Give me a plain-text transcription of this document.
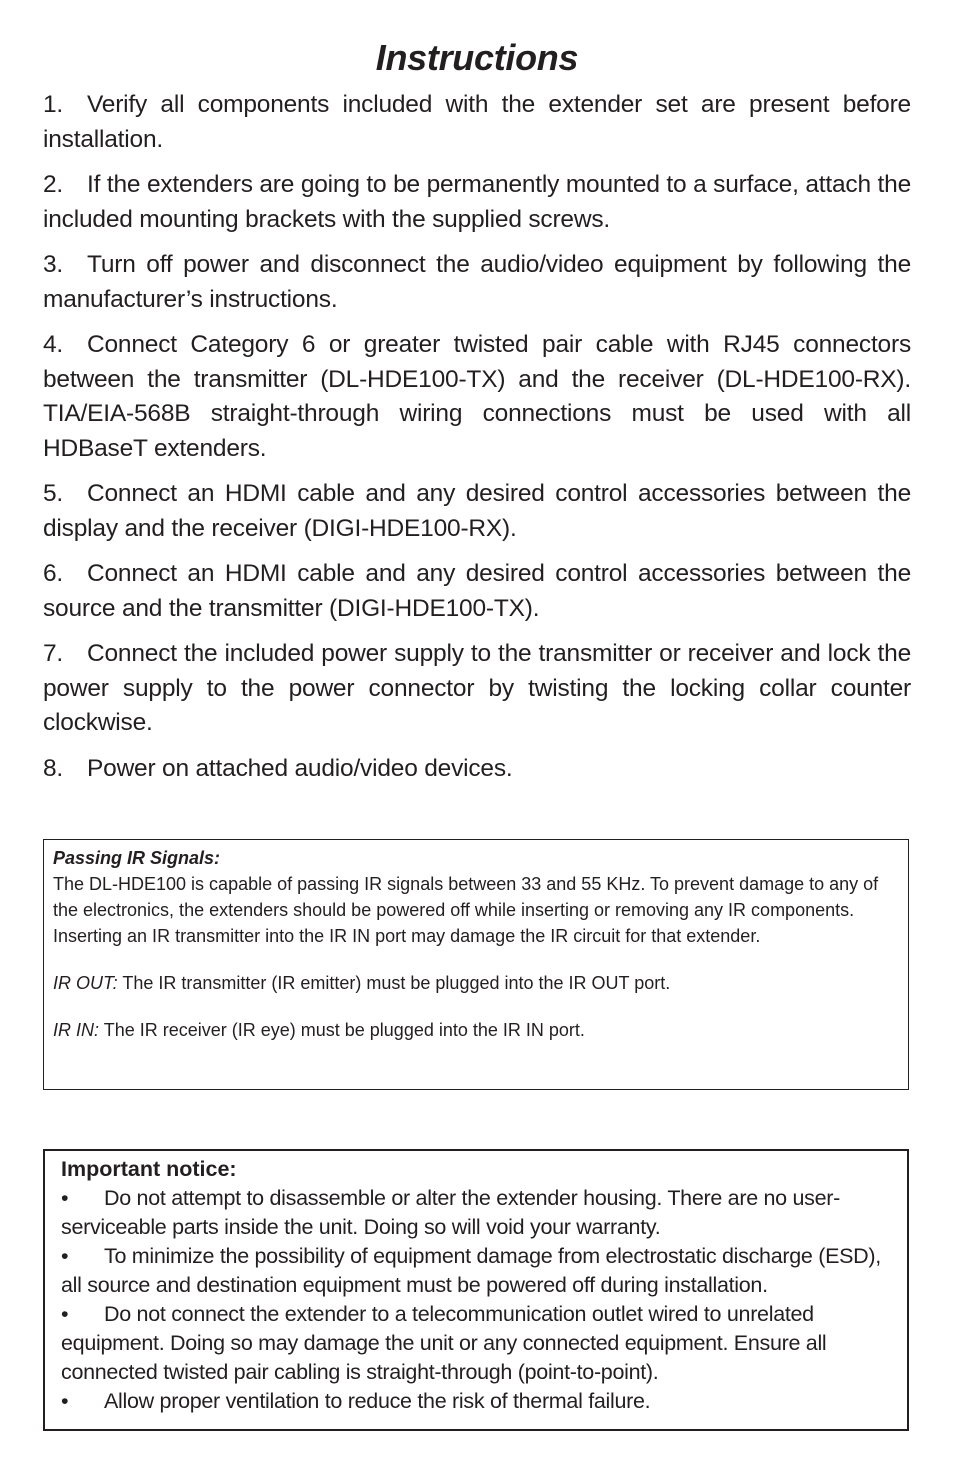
Instructions
1. Verify all components included with the extender set are present before installation.
2. If the extenders are going to be permanently mounted to a surface, attach the included mounting brackets with the supplied screws.
3. Turn off power and disconnect the audio/video equipment by following the manufacturer’s instructions.
4. Connect Category 6 or greater twisted pair cable with RJ45 connectors between the transmitter (DL-HDE100-TX) and the receiver (DL-HDE100-RX). TIA/EIA-568B straight-through wiring connections must be used with all HDBaseT extenders.
5. Connect an HDMI cable and any desired control accessories between the display and the receiver (DIGI-HDE100-RX).
6. Connect an HDMI cable and any desired control accessories between the source and the transmitter (DIGI-HDE100-TX).
7. Connect the included power supply to the transmitter or receiver and lock the power supply to the power connector by twisting the locking collar counter clockwise.
8. Power on attached audio/video devices.

Passing IR Signals:

The DL-HDE100 is capable of passing IR signals between 33 and 55 KHz. To prevent damage to any of the electronics, the extenders should be powered off while inserting or removing any IR components. Inserting an IR transmitter into the IR IN port may damage the IR circuit for that extender.

IR OUT: The IR transmitter (IR emitter) must be plugged into the IR OUT port.

IR IN: The IR receiver (IR eye) must be plugged into the IR IN port.

Important notice:
• Do not attempt to disassemble or alter the extender housing. There are no user-serviceable parts inside the unit. Doing so will void your warranty.
• To minimize the possibility of equipment damage from electrostatic discharge (ESD), all source and destination equipment must be powered off during installation.
• Do not connect the extender to a telecommunication outlet wired to unrelated equipment. Doing so may damage the unit or any connected equipment. Ensure all connected twisted pair cabling is straight-through (point-to-point).
• Allow proper ventilation to reduce the risk of thermal failure.
